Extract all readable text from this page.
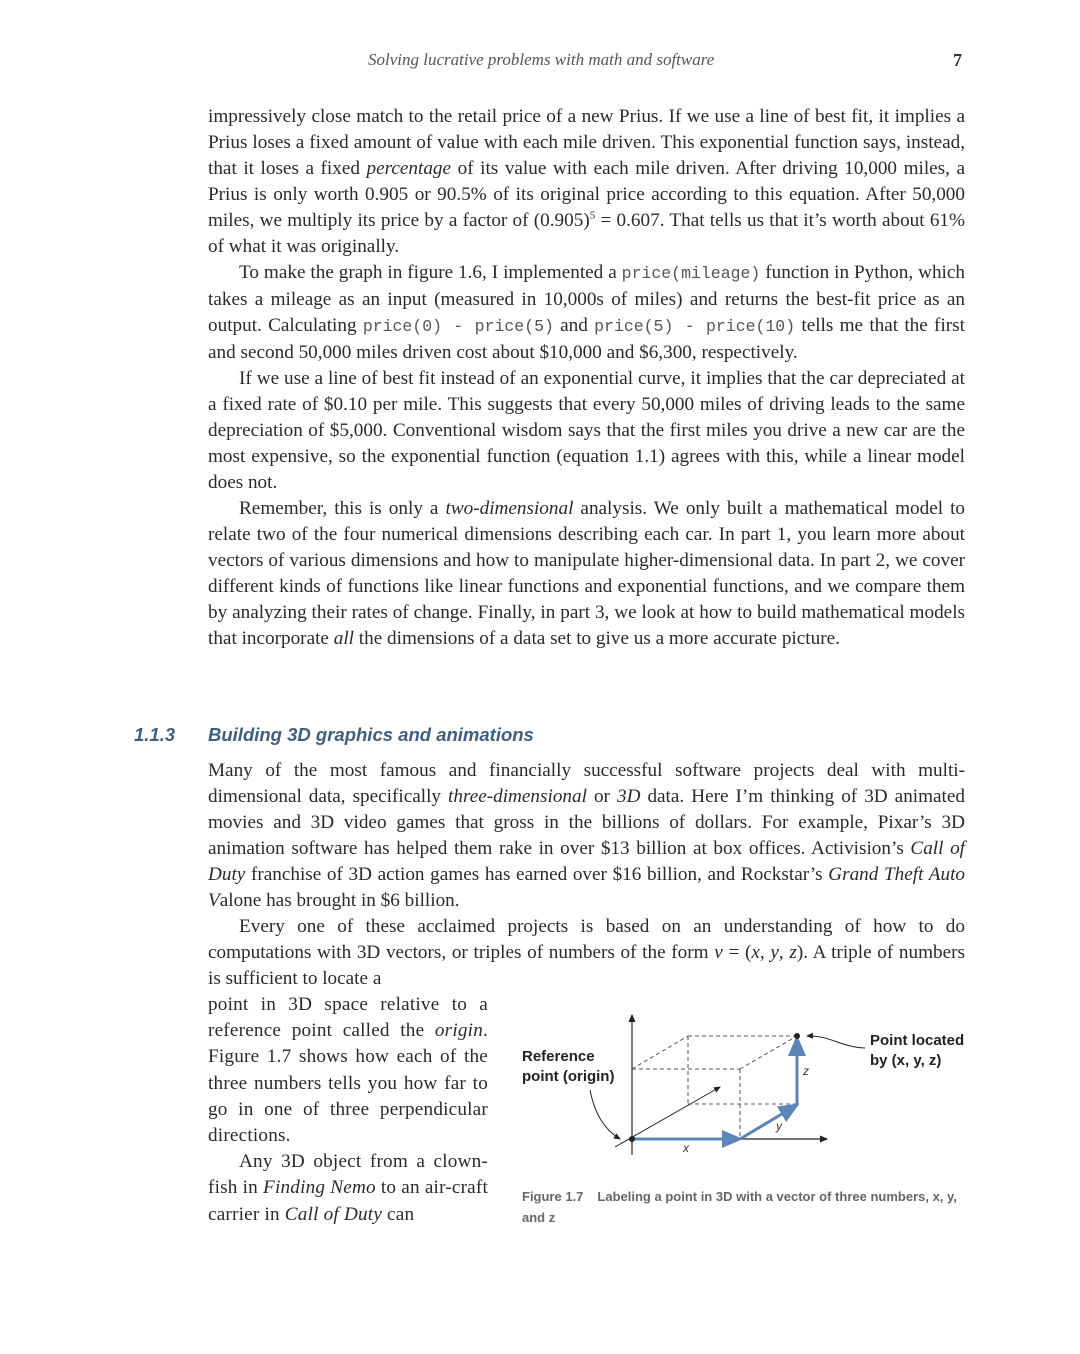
Solving lucrative problems with math and software	7

impressively close match to the retail price of a new Prius. If we use a line of best fit, it implies a Prius loses a fixed amount of value with each mile driven. This exponential function says, instead, that it loses a fixed percentage of its value with each mile driven. After driving 10,000 miles, a Prius is only worth 0.905 or 90.5% of its original price according to this equation. After 50,000 miles, we multiply its price by a factor of $(0.905)^5 = 0.607$. That tells us that it’s worth about 61% of what it was originally.

To make the graph in figure 1.6, I implemented a price(mileage) function in Python, which takes a mileage as an input (measured in 10,000s of miles) and returns the best-fit price as an output. Calculating price(0) - price(5) and price(5) - price(10) tells me that the first and second 50,000 miles driven cost about $10,000 and $6,300, respectively.

If we use a line of best fit instead of an exponential curve, it implies that the car depreciated at a fixed rate of $0.10 per mile. This suggests that every 50,000 miles of driving leads to the same depreciation of $5,000. Conventional wisdom says that the first miles you drive a new car are the most expensive, so the exponential function (equation 1.1) agrees with this, while a linear model does not.

Remember, this is only a two-dimensional analysis. We only built a mathematical model to relate two of the four numerical dimensions describing each car. In part 1, you learn more about vectors of various dimensions and how to manipulate higher-dimensional data. In part 2, we cover different kinds of functions like linear functions and exponential functions, and we compare them by analyzing their rates of change. Finally, in part 3, we look at how to build mathematical models that incorporate all the dimensions of a data set to give us a more accurate picture.

1.1.3 Building 3D graphics and animations

Many of the most famous and financially successful software projects deal with multi-dimensional data, specifically three-dimensional or 3D data. Here I’m thinking of 3D animated movies and 3D video games that gross in the billions of dollars. For example, Pixar’s 3D animation software has helped them rake in over $13 billion at box offices. Activision’s Call of Duty franchise of 3D action games has earned over $16 billion, and Rockstar’s Grand Theft Auto Valone has brought in $6 billion.

Every one of these acclaimed projects is based on an understanding of how to do computations with 3D vectors, or triples of numbers of the form v = (x, y, z). A triple of numbers is sufficient to locate a

point in 3D space relative to a reference point called the origin. Figure 1.7 shows how each of the three numbers tells you how far to go in one of three perpendicular directions.

Any 3D object from a clown-fish in Finding Nemo to an air-craft carrier in Call of Duty can

Reference
point (origin)
Point located
by (x, y, z)
x
y
z
Figure 1.7 Labeling a point in 3D with a vector of three numbers, x, y, and z
